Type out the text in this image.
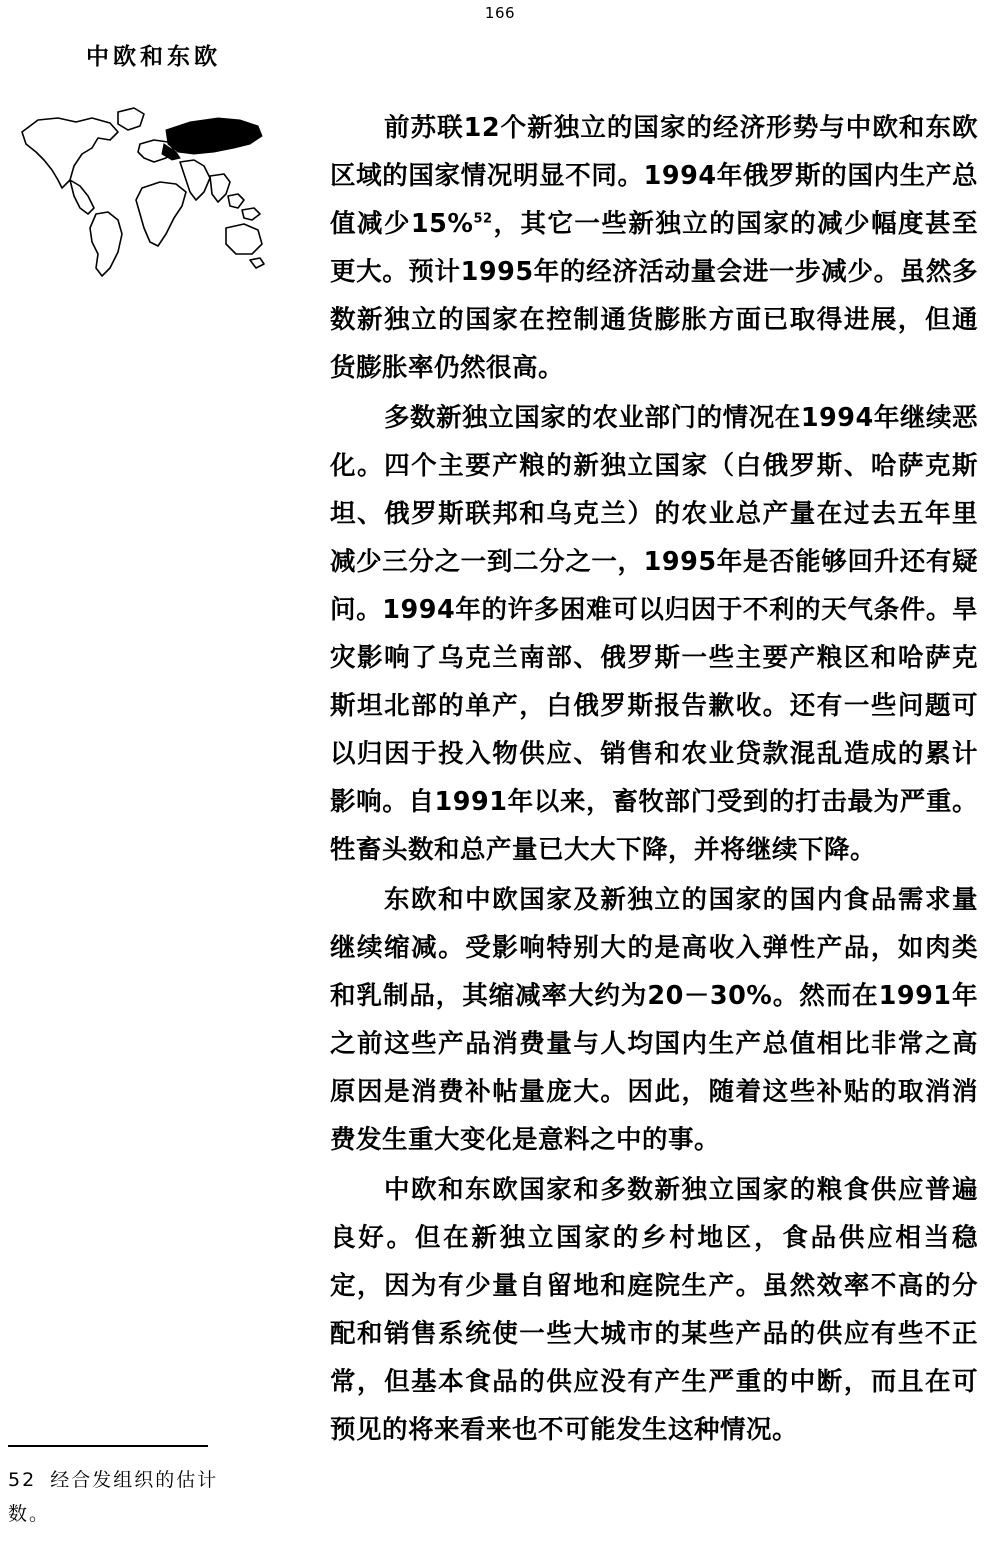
166
中欧和东欧
52 经合发组织的估计数。

前苏联12个新独立的国家的经济形势与中欧和东欧区域的国家情况明显不同。1994年俄罗斯的国内生产总值减少15%$^{52}$，其它一些新独立的国家的减少幅度甚至更大。预计1995年的经济活动量会进一步减少。虽然多数新独立的国家在控制通货膨胀方面已取得进展，但通货膨胀率仍然很高。

多数新独立国家的农业部门的情况在1994年继续恶化。四个主要产粮的新独立国家（白俄罗斯、哈萨克斯坦、俄罗斯联邦和乌克兰）的农业总产量在过去五年里减少三分之一到二分之一，1995年是否能够回升还有疑问。1994年的许多困难可以归因于不利的天气条件。旱灾影响了乌克兰南部、俄罗斯一些主要产粮区和哈萨克斯坦北部的单产，白俄罗斯报告歉收。还有一些问题可以归因于投入物供应、销售和农业贷款混乱造成的累计影响。自1991年以来，畜牧部门受到的打击最为严重。牲畜头数和总产量已大大下降，并将继续下降。

东欧和中欧国家及新独立的国家的国内食品需求量继续缩减。受影响特别大的是高收入弹性产品，如肉类和乳制品，其缩减率大约为20－30%。然而在1991年之前这些产品消费量与人均国内生产总值相比非常之高原因是消费补帖量庞大。因此，随着这些补贴的取消消费发生重大变化是意料之中的事。

中欧和东欧国家和多数新独立国家的粮食供应普遍良好。但在新独立国家的乡村地区，食品供应相当稳定，因为有少量自留地和庭院生产。虽然效率不高的分配和销售系统使一些大城市的某些产品的供应有些不正常，但基本食品的供应没有产生严重的中断，而且在可预见的将来看来也不可能发生这种情况。
